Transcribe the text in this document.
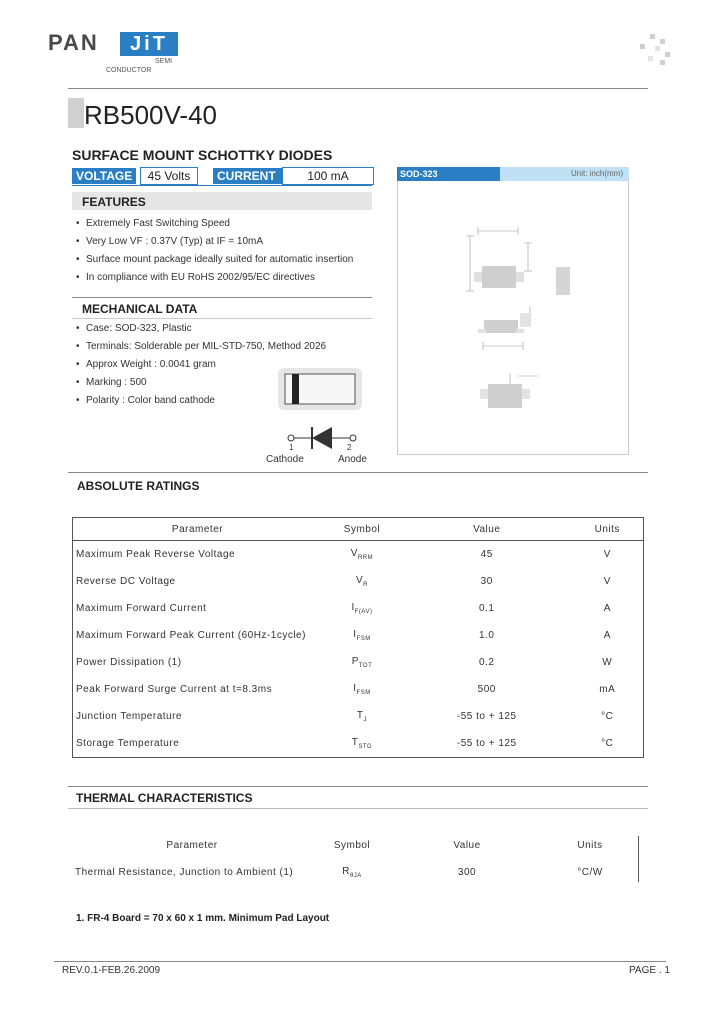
PAN	JiT
SEMI
CONDUCTOR
RB500V-40
SURFACE MOUNT SCHOTTKY DIODES
VOLTAGE	45 Volts	CURRENT	100 mA	SOD-323	Unit: inch(mm)
FEATURES
• Extremely Fast Switching Speed
• Very Low VF : 0.37V (Typ) at IF = 10mA
• Surface mount package ideally suited for automatic insertion
• In compliance with EU RoHS 2002/95/EC directives
MECHANICAL DATA
• Case: SOD-323, Plastic
• Terminals: Solderable per MIL-STD-750, Method 2026
• Approx Weight : 0.0041 gram
• Marking : 500
• Polarity : Color band cathode
1	2
Cathode	Anode
ABSOLUTE RATINGS
Parameter	Symbol	Value	Units
Maximum Peak Reverse Voltage	$V_{RRM}$	45	V
Reverse DC Voltage	$V_R$	30	V
Maximum Forward Current	$I_{F(AV)}$	0.1	A
Maximum Forward Peak Current (60Hz-1cycle)	$I_{FSM}$	1.0	A
Power Dissipation (1)	$P_{TOT}$	0.2	W
Peak Forward Surge Current at t=8.3ms	$I_{FSM}$	500	mA
Junction Temperature	$T_J$	-55 to + 125	°C
Storage Temperature	$T_{STG}$	-55 to + 125	°C
THERMAL CHARACTERISTICS
Parameter	Symbol	Value	Units
Thermal Resistance, Junction to Ambient (1)	$R_{\theta JA}$	300	°C/W
1. FR-4 Board = 70 x 60 x 1 mm. Minimum Pad Layout
REV.0.1-FEB.26.2009	PAGE . 1
